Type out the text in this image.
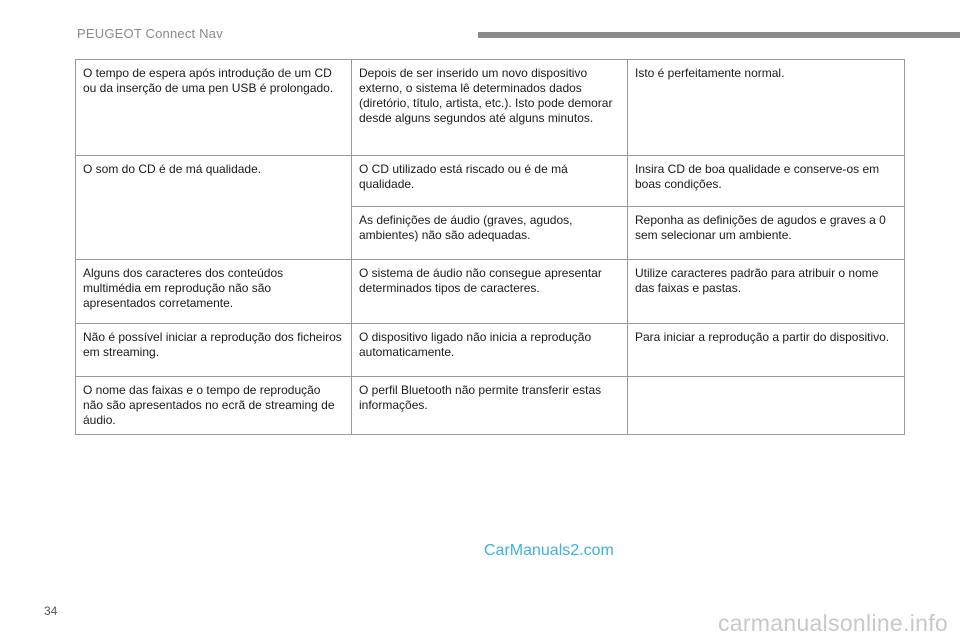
PEUGEOT Connect Nav
O tempo de espera após introdução de um CD ou da inserção de uma pen USB é prolongado.	Depois de ser inserido um novo dispositivo externo, o sistema lê determinados dados (diretório, título, artista, etc.). Isto pode demorar desde alguns segundos até alguns minutos.	Isto é perfeitamente normal.
O som do CD é de má qualidade.	O CD utilizado está riscado ou é de má qualidade.	Insira CD de boa qualidade e conserve-os em boas condições.
	As definições de áudio (graves, agudos, ambientes) não são adequadas.	Reponha as definições de agudos e graves a 0 sem selecionar um ambiente.
Alguns dos caracteres dos conteúdos multimédia em reprodução não são apresentados corretamente.	O sistema de áudio não consegue apresentar determinados tipos de caracteres.	Utilize caracteres padrão para atribuir o nome das faixas e pastas.
Não é possível iniciar a reprodução dos ficheiros em streaming.	O dispositivo ligado não inicia a reprodução automaticamente.	Para iniciar a reprodução a partir do dispositivo.
O nome das faixas e o tempo de reprodução não são apresentados no ecrã de streaming de áudio.	O perfil Bluetooth não permite transferir estas informações.	
CarManuals2.com
34	carmanualsonline.info
